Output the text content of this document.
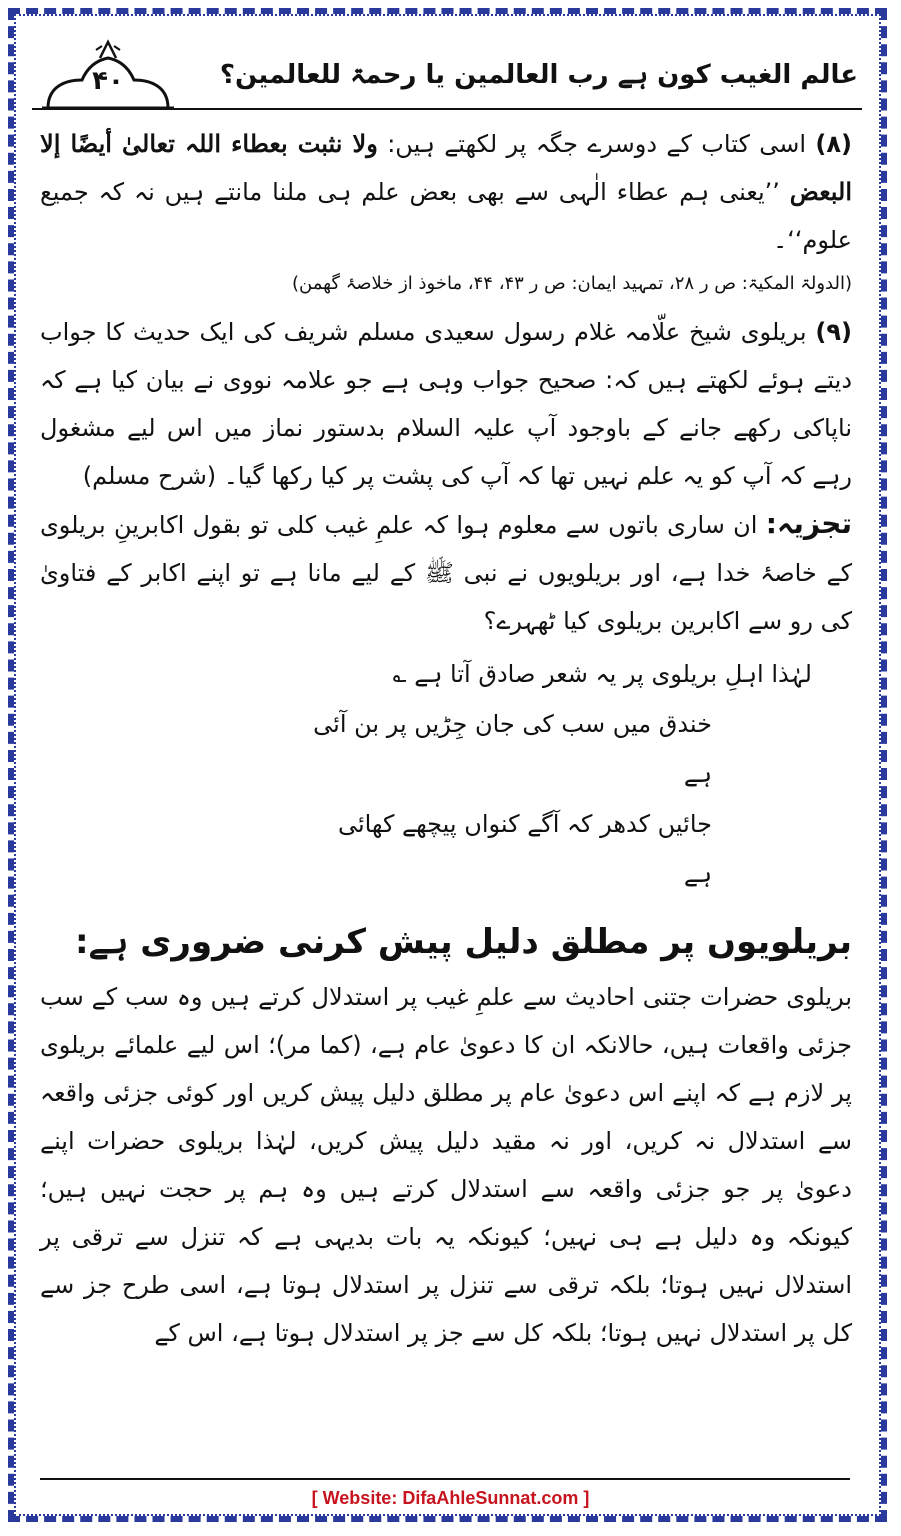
۴۰	عالم الغیب کون ہے رب العالمین یا رحمۃ للعالمین؟

(۸) اسی کتاب کے دوسرے جگہ پر لکھتے ہیں: ولا نثبت بعطاء اللہ تعالیٰ أیضًا إلا البعض ’’یعنی ہم عطاء الٰہی سے بھی بعض علم ہی ملنا مانتے ہیں نہ کہ جمیع علوم‘‘۔

(الدولۃ المکیۃ: ص ر ۲۸، تمہید ایمان: ص ر ۴۳، ۴۴، ماخوذ از خلاصۂ گھمن)

(۹) بریلوی شیخ علّامہ غلام رسول سعیدی مسلم شریف کی ایک حدیث کا جواب دیتے ہوئے لکھتے ہیں کہ: صحیح جواب وہی ہے جو علامہ نووی نے بیان کیا ہے کہ ناپاکی رکھے جانے کے باوجود آپ علیہ السلام بدستور نماز میں اس لیے مشغول رہے کہ آپ کو یہ علم نہیں تھا کہ آپ کی پشت پر کیا رکھا گیا۔ (شرح مسلم)

تجزیہ: ان ساری باتوں سے معلوم ہوا کہ علمِ غیب کلی تو بقول اکابرینِ بریلوی کے خاصۂ خدا ہے، اور بریلویوں نے نبی ﷺ کے لیے مانا ہے تو اپنے اکابر کے فتاویٰ کی رو سے اکابرین بریلوی کیا ٹھہرے؟

لہٰذا اہلِ بریلوی پر یہ شعر صادق آتا ہے ؎
خندق میں سب کی جان جِڑیں پر بن آئی ہے
جائیں کدھر کہ آگے کنواں پیچھے کھائی ہے
بریلویوں پر مطلق دلیل پیش کرنی ضروری ہے:

بریلوی حضرات جتنی احادیث سے علمِ غیب پر استدلال کرتے ہیں وہ سب کے سب جزئی واقعات ہیں، حالانکہ ان کا دعویٰ عام ہے، (کما مر)؛ اس لیے علمائے بریلوی پر لازم ہے کہ اپنے اس دعویٰ عام پر مطلق دلیل پیش کریں اور کوئی جزئی واقعہ سے استدلال نہ کریں، اور نہ مقید دلیل پیش کریں، لہٰذا بریلوی حضرات اپنے دعویٰ پر جو جزئی واقعہ سے استدلال کرتے ہیں وہ ہم پر حجت نہیں ہیں؛ کیونکہ وہ دلیل ہے ہی نہیں؛ کیونکہ یہ بات بدیہی ہے کہ تنزل سے ترقی پر استدلال نہیں ہوتا؛ بلکہ ترقی سے تنزل پر استدلال ہوتا ہے، اسی طرح جز سے کل پر استدلال نہیں ہوتا؛ بلکہ کل سے جز پر استدلال ہوتا ہے، اس کے

[ Website: DifaAhleSunnat.com ]
